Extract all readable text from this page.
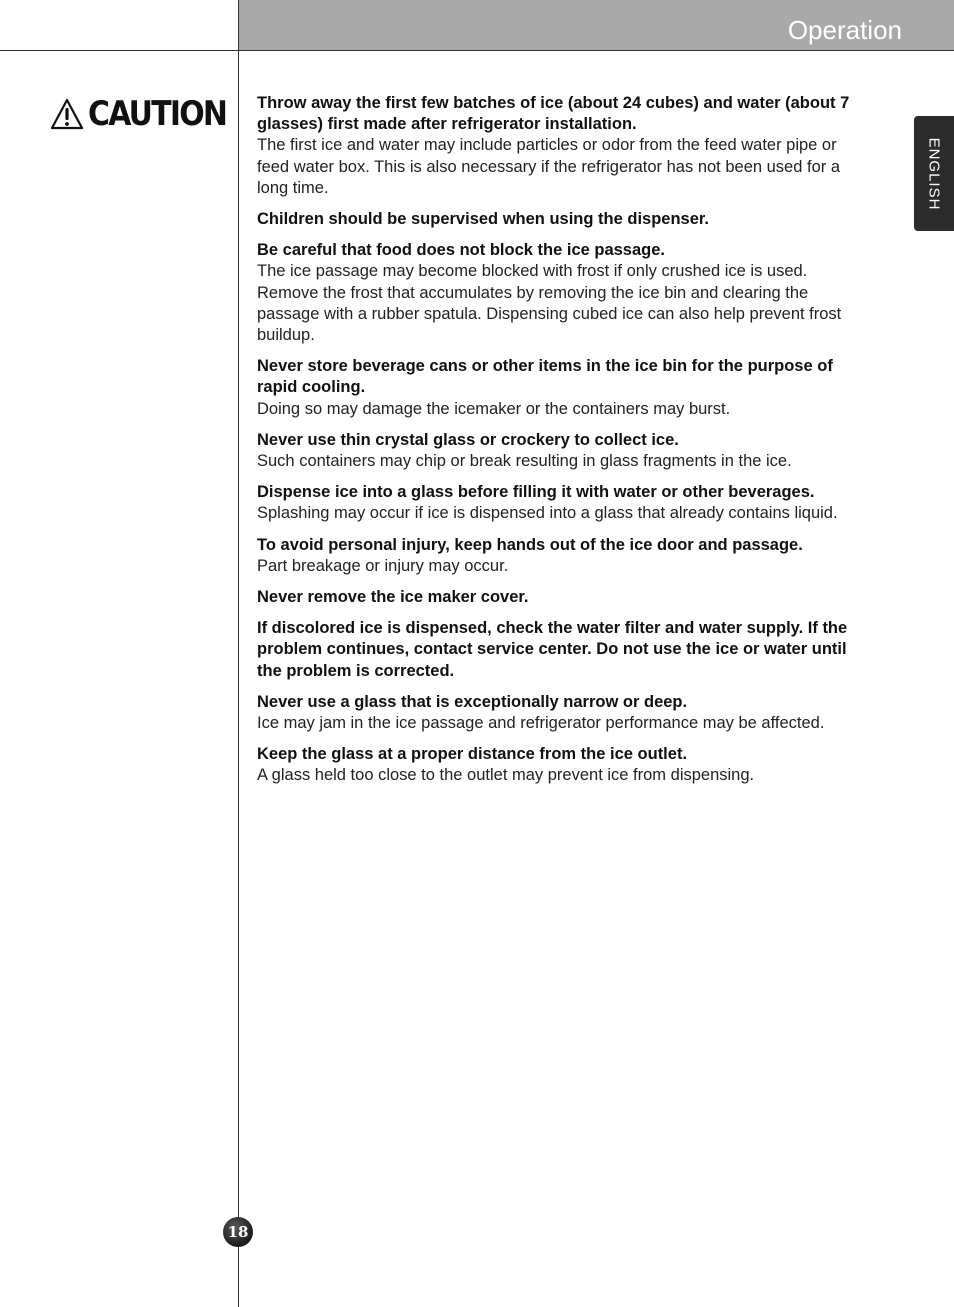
Operation
CAUTION
ENGLISH
Throw away the first few batches of ice (about 24 cubes) and water (about 7 glasses) first made after refrigerator installation.
The first ice and water may include particles or odor from the feed water pipe or feed water box. This is also necessary if the refrigerator has not been used for a long time.
Children should be supervised when using the dispenser.
Be careful that food does not block the ice passage.
The ice passage may become blocked with frost if only crushed ice is used. Remove the frost that accumulates by removing the ice bin and clearing the passage with a rubber spatula. Dispensing cubed ice can also help prevent frost buildup.
Never store beverage cans or other items in the ice bin for the purpose of rapid cooling.
Doing so may damage the icemaker or the containers may burst.
Never use thin crystal glass or crockery to collect ice.
Such containers may chip or break resulting in glass fragments in the ice.
Dispense ice into a glass before filling it with water or other beverages.
Splashing may occur if ice is dispensed into a glass that already contains liquid.
To avoid personal injury, keep hands out of the ice door and passage.
Part breakage or injury may occur.
Never remove the ice maker cover.
If discolored ice is dispensed, check the water filter and water supply. If the problem continues, contact service center. Do not use the ice or water until the problem is corrected.
Never use a glass that is exceptionally narrow or deep.
Ice may jam in the ice passage and refrigerator performance may be affected.
Keep the glass at a proper distance from the ice outlet.
A glass held too close to the outlet may prevent ice from dispensing.
18
